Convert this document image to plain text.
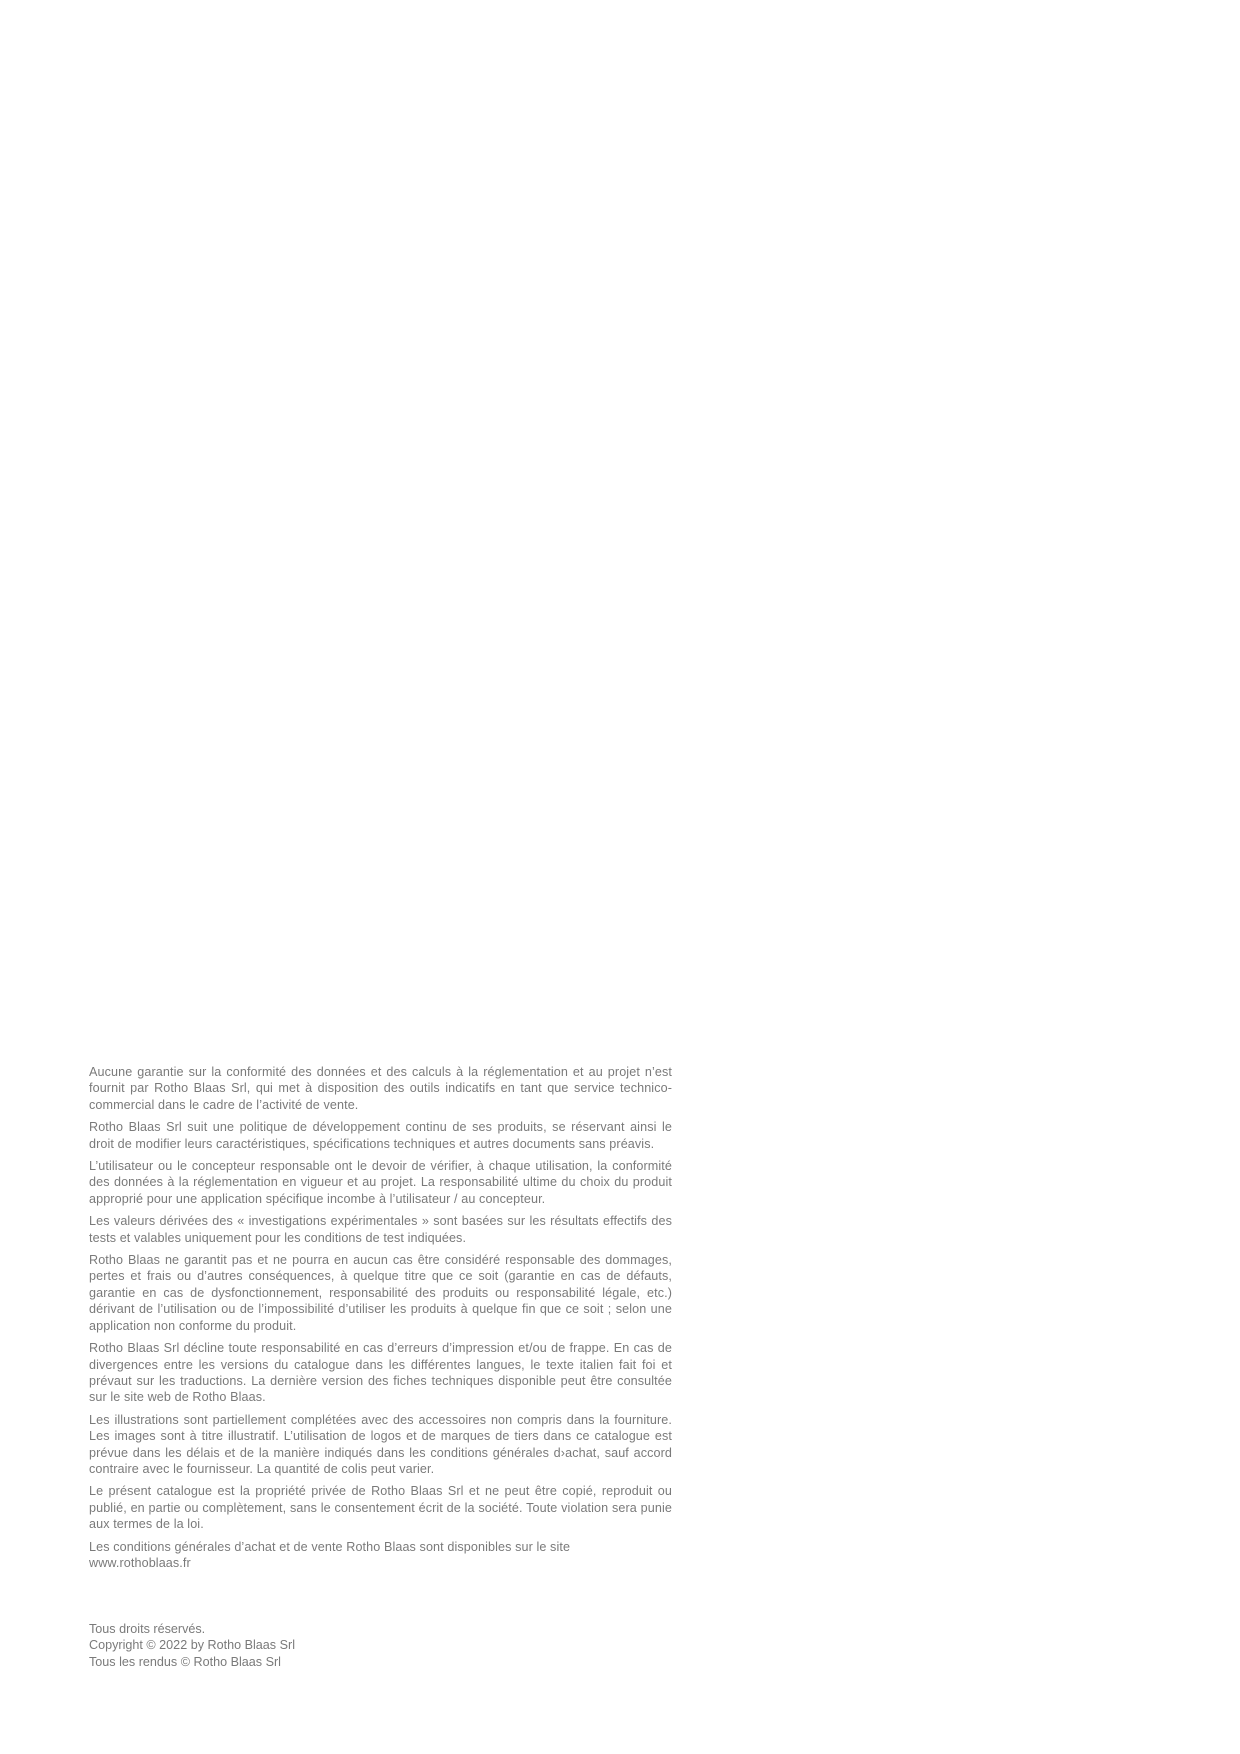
Aucune garantie sur la conformité des données et des calculs à la réglementation et au projet n’est fournit par Rotho Blaas Srl, qui met à disposition des outils indicatifs en tant que service technico-commercial dans le cadre de l’activité de vente.

Rotho Blaas Srl suit une politique de développement continu de ses produits, se réservant ainsi le droit de modifier leurs caractéristiques, spécifications techniques et autres documents sans préavis.

L’utilisateur ou le concepteur responsable ont le devoir de vérifier, à chaque utilisation, la conformité des données à la réglementation en vigueur et au projet. La responsabilité ultime du choix du produit approprié pour une application spécifique incombe à l’utilisateur / au concepteur.

Les valeurs dérivées des « investigations expérimentales » sont basées sur les résultats effectifs des tests et valables uniquement pour les conditions de test indiquées.

Rotho Blaas ne garantit pas et ne pourra en aucun cas être considéré responsable des dommages, pertes et frais ou d’autres conséquences, à quelque titre que ce soit (garantie en cas de défauts, garantie en cas de dysfonctionnement, responsabilité des produits ou responsabilité légale, etc.) dérivant de l’utilisation ou de l’impossibilité d’utiliser les produits à quelque fin que ce soit ; selon une application non conforme du produit.

Rotho Blaas Srl décline toute responsabilité en cas d’erreurs d’impression et/ou de frappe. En cas de divergences entre les versions du catalogue dans les différentes langues, le texte italien fait foi et prévaut sur les traductions. La dernière version des fiches techniques disponible peut être consultée sur le site web de Rotho Blaas.

Les illustrations sont partiellement complétées avec des accessoires non compris dans la fourniture. Les images sont à titre illustratif. L’utilisation de logos et de marques de tiers dans ce catalogue est prévue dans les délais et de la manière indiqués dans les conditions générales d›achat, sauf accord contraire avec le fournisseur. La quantité de colis peut varier.

Le présent catalogue est la propriété privée de Rotho Blaas Srl et ne peut être copié, reproduit ou publié, en partie ou complètement, sans le consentement écrit de la société. Toute violation sera punie aux termes de la loi.

Les conditions générales d’achat et de vente Rotho Blaas sont disponibles sur le site www.rothoblaas.fr

Tous droits réservés.
Copyright © 2022 by Rotho Blaas Srl
Tous les rendus © Rotho Blaas Srl
